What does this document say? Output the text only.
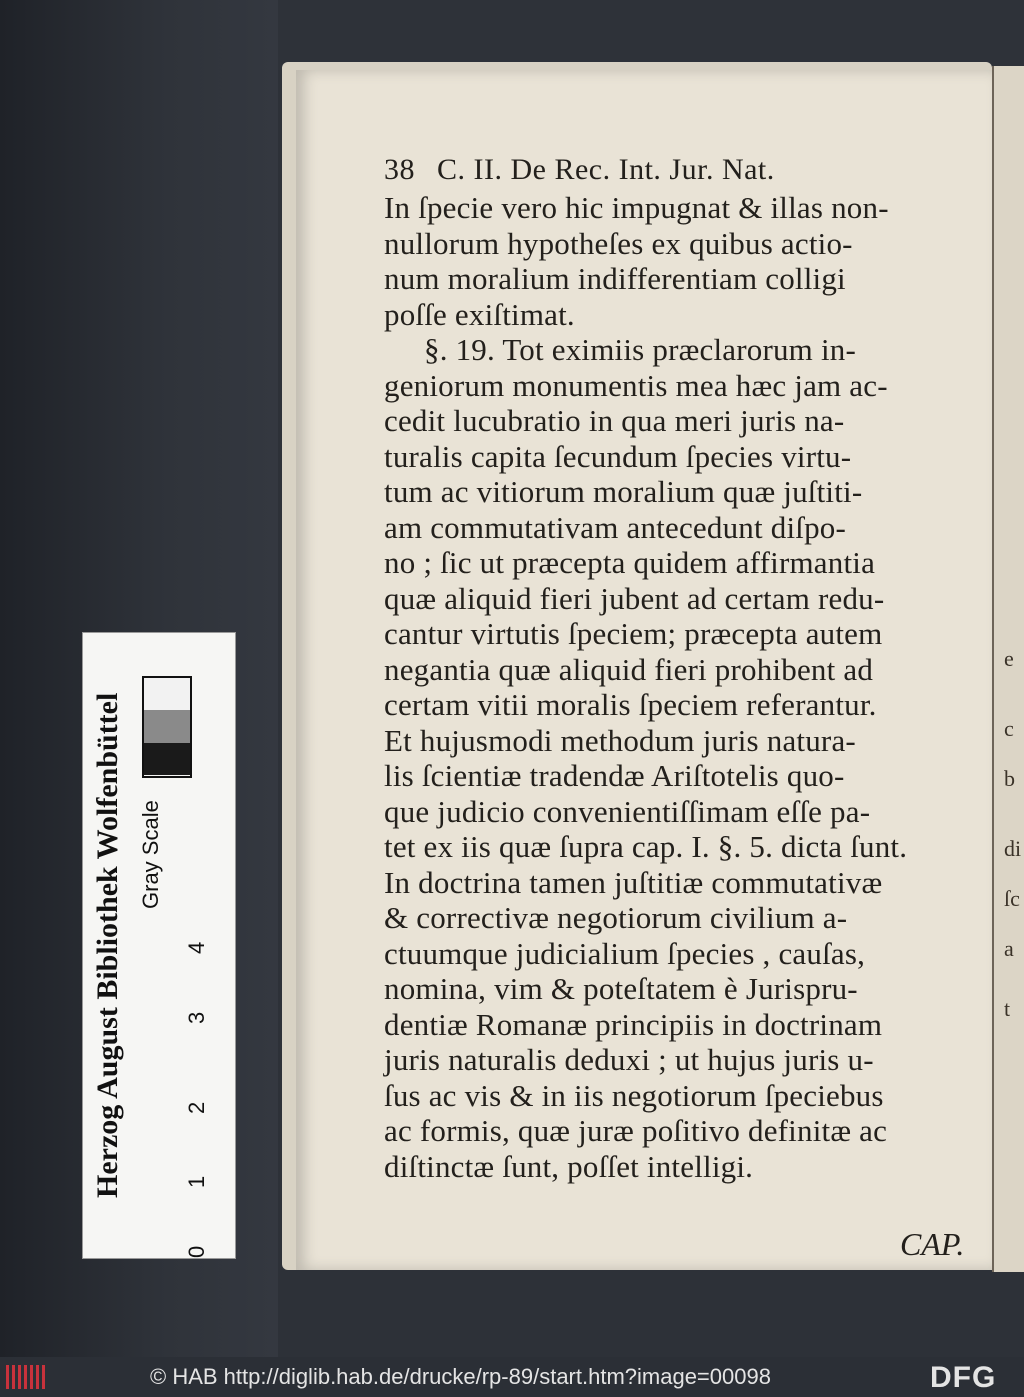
e
c
b
di
ſc
a
t
38 C. II. De Rec. Int. Jur. Nat.
In ſpecie vero hic impugnat & illas non-
nullorum hypotheſes ex quibus actio-
num moralium indifferentiam colligi
poſſe exiſtimat.
§. 19. Tot eximiis præclarorum in-
geniorum monumentis mea hæc jam ac-
cedit lucubratio in qua meri juris na-
turalis capita ſecundum ſpecies virtu-
tum ac vitiorum moralium quæ juſtiti-
am commutativam antecedunt diſpo-
no ; ſic ut præcepta quidem affirmantia
quæ aliquid fieri jubent ad certam redu-
cantur virtutis ſpeciem; præcepta autem
negantia quæ aliquid fieri prohibent ad
certam vitii moralis ſpeciem referantur.
Et hujusmodi methodum juris natura-
lis ſcientiæ tradendæ Ariſtotelis quo-
que judicio convenientiſſimam eſſe pa-
tet ex iis quæ ſupra cap. I. §. 5. dicta ſunt.
In doctrina tamen juſtitiæ commutativæ
& correctivæ negotiorum civilium a-
ctuumque judicialium ſpecies , cauſas,
nomina, vim & poteſtatem è Jurispru-
dentiæ Romanæ principiis in doctrinam
juris naturalis deduxi ; ut hujus juris u-
ſus ac vis & in iis negotiorum ſpeciebus
ac formis, quæ juræ poſitivo definitæ ac
diſtinctæ ſunt, poſſet intelligi.
CAP.
Herzog August Bibliothek Wolfenbüttel Gray Scale
0
1
2
3
4
© HAB http://diglib.hab.de/drucke/rp-89/start.htm?image=00098	DFG
